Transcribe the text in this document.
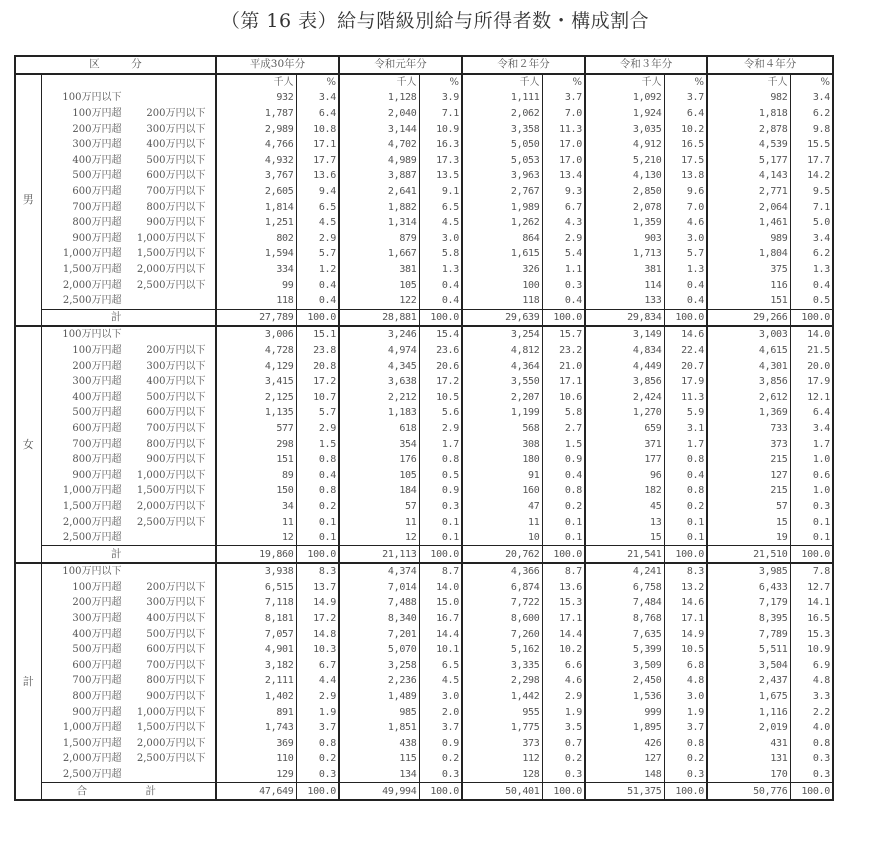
（第 16 表）給与階級別給与所得者数・構成割合
区　　　分		平成30年分		令和元年分		令和２年分		令和３年分		令和４年分	
男		千人	%	千人	%	千人	%	千人	%	千人	%
	100万円以下	932	3.4	1,128	3.9	1,111	3.7	1,092	3.7	982	3.4
	100万円超 200万円以下	1,787	6.4	2,040	7.1	2,062	7.0	1,924	6.4	1,818	6.2
	200万円超 300万円以下	2,989	10.8	3,144	10.9	3,358	11.3	3,035	10.2	2,878	9.8
	300万円超 400万円以下	4,766	17.1	4,702	16.3	5,050	17.0	4,912	16.5	4,539	15.5
	400万円超 500万円以下	4,932	17.7	4,989	17.3	5,053	17.0	5,210	17.5	5,177	17.7
	500万円超 600万円以下	3,767	13.6	3,887	13.5	3,963	13.4	4,130	13.8	4,143	14.2
	600万円超 700万円以下	2,605	9.4	2,641	9.1	2,767	9.3	2,850	9.6	2,771	9.5
	700万円超 800万円以下	1,814	6.5	1,882	6.5	1,989	6.7	2,078	7.0	2,064	7.1
	800万円超 900万円以下	1,251	4.5	1,314	4.5	1,262	4.3	1,359	4.6	1,461	5.0
	900万円超 1,000万円以下	802	2.9	879	3.0	864	2.9	903	3.0	989	3.4
	1,000万円超 1,500万円以下	1,594	5.7	1,667	5.8	1,615	5.4	1,713	5.7	1,804	6.2
	1,500万円超 2,000万円以下	334	1.2	381	1.3	326	1.1	381	1.3	375	1.3
	2,000万円超 2,500万円以下	99	0.4	105	0.4	100	0.3	114	0.4	116	0.4
	2,500万円超	118	0.4	122	0.4	118	0.4	133	0.4	151	0.5
	計	27,789	100.0	28,881	100.0	29,639	100.0	29,834	100.0	29,266	100.0
女											
	100万円以下	3,006	15.1	3,246	15.4	3,254	15.7	3,149	14.6	3,003	14.0
	100万円超 200万円以下	4,728	23.8	4,974	23.6	4,812	23.2	4,834	22.4	4,615	21.5
	200万円超 300万円以下	4,129	20.8	4,345	20.6	4,364	21.0	4,449	20.7	4,301	20.0
	300万円超 400万円以下	3,415	17.2	3,638	17.2	3,550	17.1	3,856	17.9	3,856	17.9
	400万円超 500万円以下	2,125	10.7	2,212	10.5	2,207	10.6	2,424	11.3	2,612	12.1
	500万円超 600万円以下	1,135	5.7	1,183	5.6	1,199	5.8	1,270	5.9	1,369	6.4
	600万円超 700万円以下	577	2.9	618	2.9	568	2.7	659	3.1	733	3.4
	700万円超 800万円以下	298	1.5	354	1.7	308	1.5	371	1.7	373	1.7
	800万円超 900万円以下	151	0.8	176	0.8	180	0.9	177	0.8	215	1.0
	900万円超 1,000万円以下	89	0.4	105	0.5	91	0.4	96	0.4	127	0.6
	1,000万円超 1,500万円以下	150	0.8	184	0.9	160	0.8	182	0.8	215	1.0
	1,500万円超 2,000万円以下	34	0.2	57	0.3	47	0.2	45	0.2	57	0.3
	2,000万円超 2,500万円以下	11	0.1	11	0.1	11	0.1	13	0.1	15	0.1
	2,500万円超	12	0.1	12	0.1	10	0.1	15	0.1	19	0.1
	計	19,860	100.0	21,113	100.0	20,762	100.0	21,541	100.0	21,510	100.0
計											
	100万円以下	3,938	8.3	4,374	8.7	4,366	8.7	4,241	8.3	3,985	7.8
	100万円超 200万円以下	6,515	13.7	7,014	14.0	6,874	13.6	6,758	13.2	6,433	12.7
	200万円超 300万円以下	7,118	14.9	7,488	15.0	7,722	15.3	7,484	14.6	7,179	14.1
	300万円超 400万円以下	8,181	17.2	8,340	16.7	8,600	17.1	8,768	17.1	8,395	16.5
	400万円超 500万円以下	7,057	14.8	7,201	14.4	7,260	14.4	7,635	14.9	7,789	15.3
	500万円超 600万円以下	4,901	10.3	5,070	10.1	5,162	10.2	5,399	10.5	5,511	10.9
	600万円超 700万円以下	3,182	6.7	3,258	6.5	3,335	6.6	3,509	6.8	3,504	6.9
	700万円超 800万円以下	2,111	4.4	2,236	4.5	2,298	4.6	2,450	4.8	2,437	4.8
	800万円超 900万円以下	1,402	2.9	1,489	3.0	1,442	2.9	1,536	3.0	1,675	3.3
	900万円超 1,000万円以下	891	1.9	985	2.0	955	1.9	999	1.9	1,116	2.2
	1,000万円超 1,500万円以下	1,743	3.7	1,851	3.7	1,775	3.5	1,895	3.7	2,019	4.0
	1,500万円超 2,000万円以下	369	0.8	438	0.9	373	0.7	426	0.8	431	0.8
	2,000万円超 2,500万円以下	110	0.2	115	0.2	112	0.2	127	0.2	131	0.3
	2,500万円超	129	0.3	134	0.3	128	0.3	148	0.3	170	0.3
	合　計	47,649	100.0	49,994	100.0	50,401	100.0	51,375	100.0	50,776	100.0
